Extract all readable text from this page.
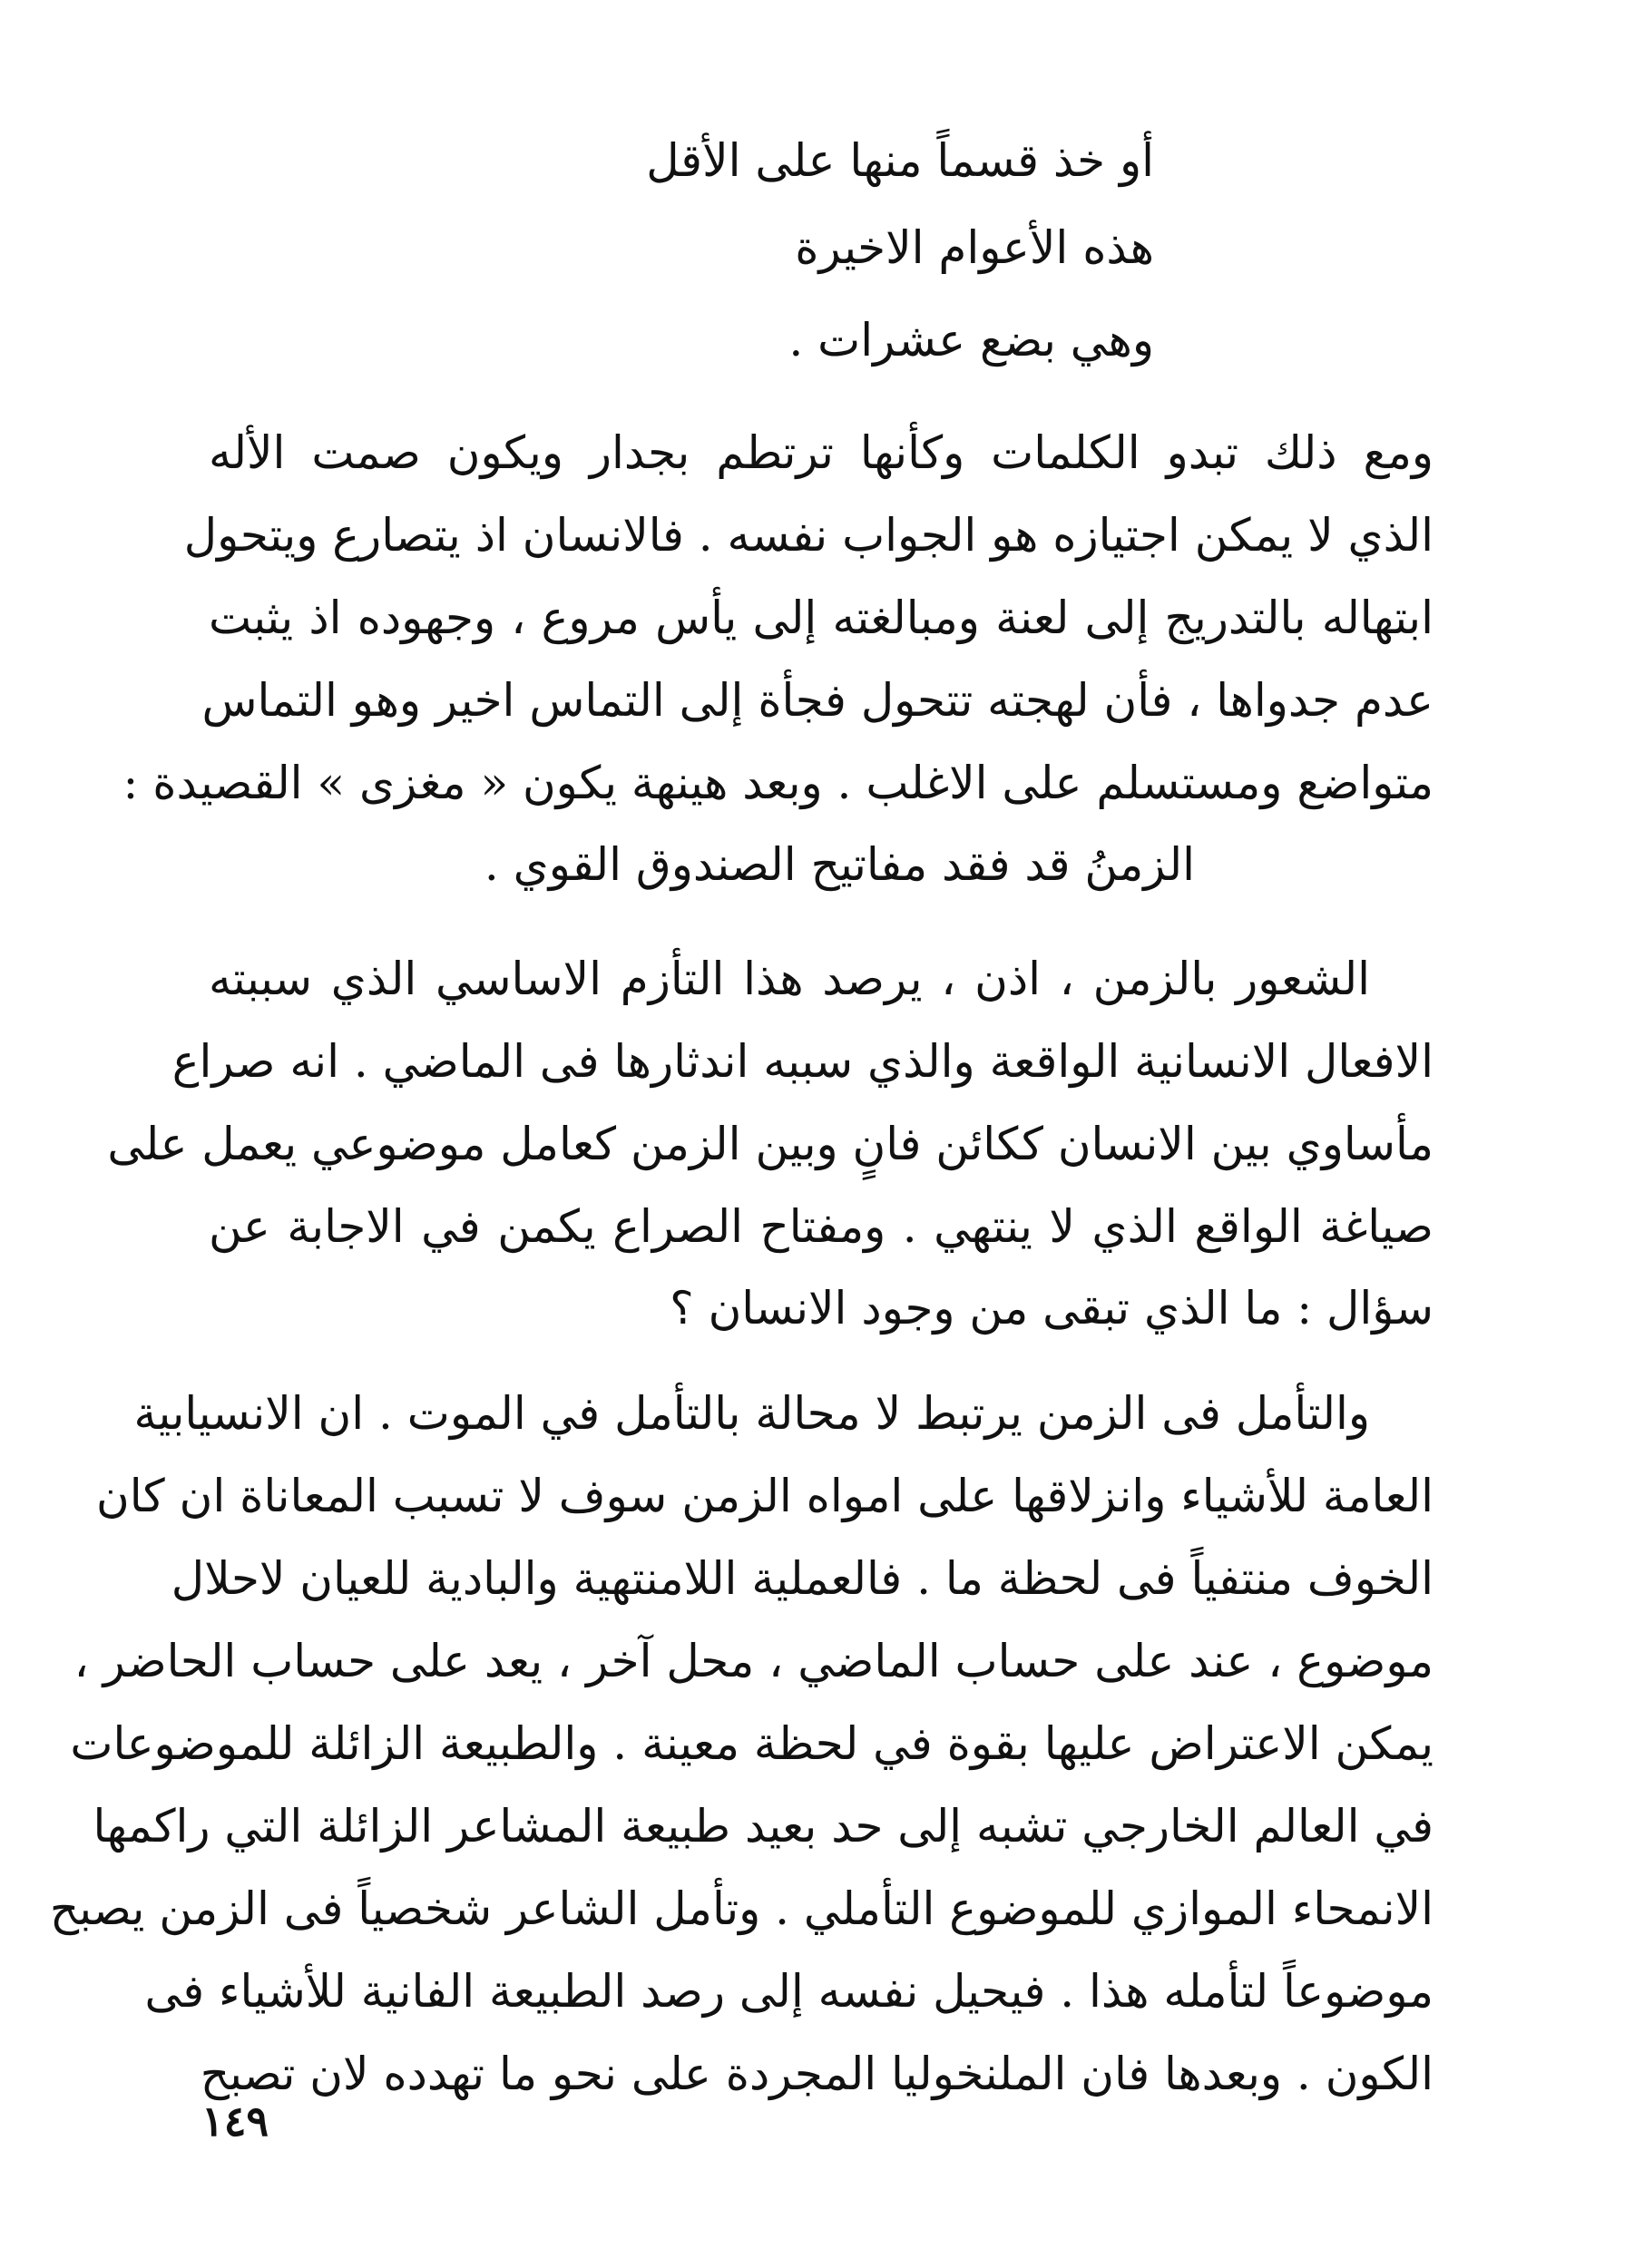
أو خذ قسماً منها على الأقل
هذه الأعوام الاخيرة
وهي بضع عشرات .
ومع ذلك تبدو الكلمات وكأنها ترتطم بجدار ويكون صمت الأله
الذي لا يمكن اجتيازه هو الجواب نفسه . فالانسان اذ يتصارع ويتحول
ابتهاله بالتدريج إلى لعنة ومبالغته إلى يأس مروع ، وجهوده اذ يثبت
عدم جدواها ، فأن لهجته تتحول فجأة إلى التماس اخير وهو التماس
متواضع ومستسلم على الاغلب . وبعد هينهة يكون « مغزى » القصيدة :
الزمنُ قد فقد مفاتيح الصندوق القوي .
الشعور بالزمن ، اذن ، يرصد هذا التأزم الاساسي الذي سببته
الافعال الانسانية الواقعة والذي سببه اندثارها فى الماضي . انه صراع
مأساوي بين الانسان ككائن فانٍ وبين الزمن كعامل موضوعي يعمل على
صياغة الواقع الذي لا ينتهي . ومفتاح الصراع يكمن في الاجابة عن
سؤال : ما الذي تبقى من وجود الانسان ؟
والتأمل فى الزمن يرتبط لا محالة بالتأمل في الموت . ان الانسيابية
العامة للأشياء وانزلاقها على امواه الزمن سوف لا تسبب المعاناة ان كان
الخوف منتفياً فى لحظة ما . فالعملية اللامنتهية والبادية للعيان لاحلال
موضوع ، عند على حساب الماضي ، محل آخر ، يعد على حساب الحاضر ،
يمكن الاعتراض عليها بقوة في لحظة معينة . والطبيعة الزائلة للموضوعات
في العالم الخارجي تشبه إلى حد بعيد طبيعة المشاعر الزائلة التي راكمها
الانمحاء الموازي للموضوع التأملي . وتأمل الشاعر شخصياً فى الزمن يصبح
موضوعاً لتأمله هذا . فيحيل نفسه إلى رصد الطبيعة الفانية للأشياء فى
الكون . وبعدها فان الملنخوليا المجردة على نحو ما تهدده لان تصبح
١٤٩
